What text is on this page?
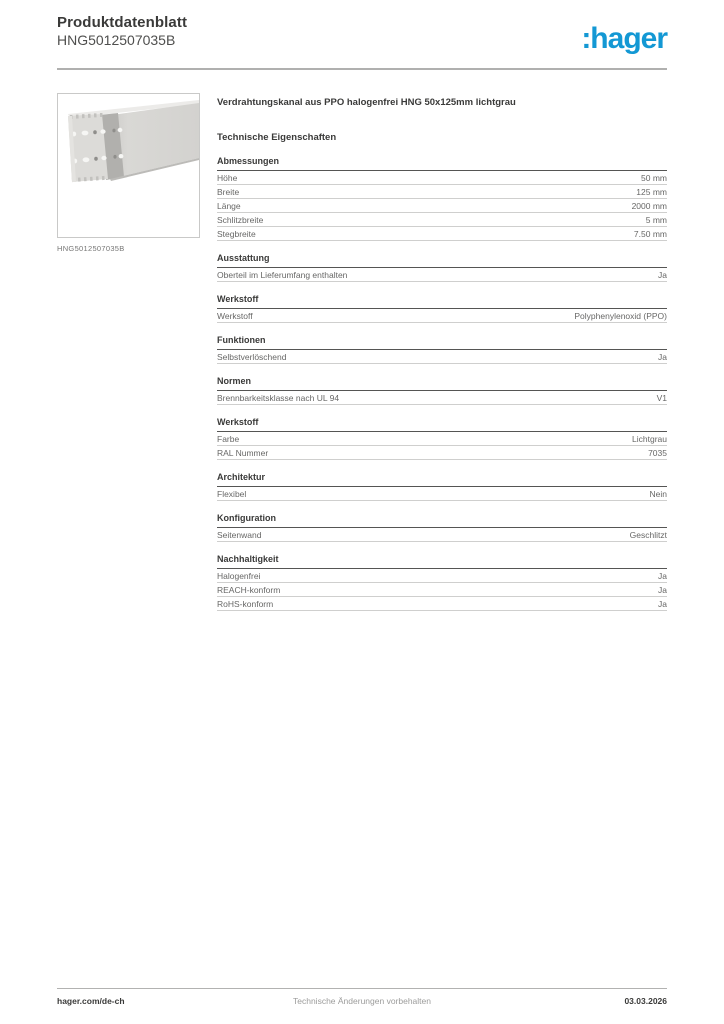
Produktdatenblatt

HNG5012507035B	:hager
HNG5012507035B
Verdrahtungskanal aus PPO halogenfrei HNG 50x125mm lichtgrau
Technische Eigenschaften
Abmessungen
Höhe	50 mm
Breite	125 mm
Länge	2000 mm
Schlitzbreite	5 mm
Stegbreite	7.50 mm
Ausstattung
Oberteil im Lieferumfang enthalten	Ja
Werkstoff
Werkstoff	Polyphenylenoxid (PPO)
Funktionen
Selbstverlöschend	Ja
Normen
Brennbarkeitsklasse nach UL 94	V1
Werkstoff
Farbe	Lichtgrau
RAL Nummer	7035
Architektur
Flexibel	Nein
Konfiguration
Seitenwand	Geschlitzt
Nachhaltigkeit
Halogenfrei	Ja
REACH-konform	Ja
RoHS-konform	Ja
hager.com/de-ch	Technische Änderungen vorbehalten	03.03.2026
